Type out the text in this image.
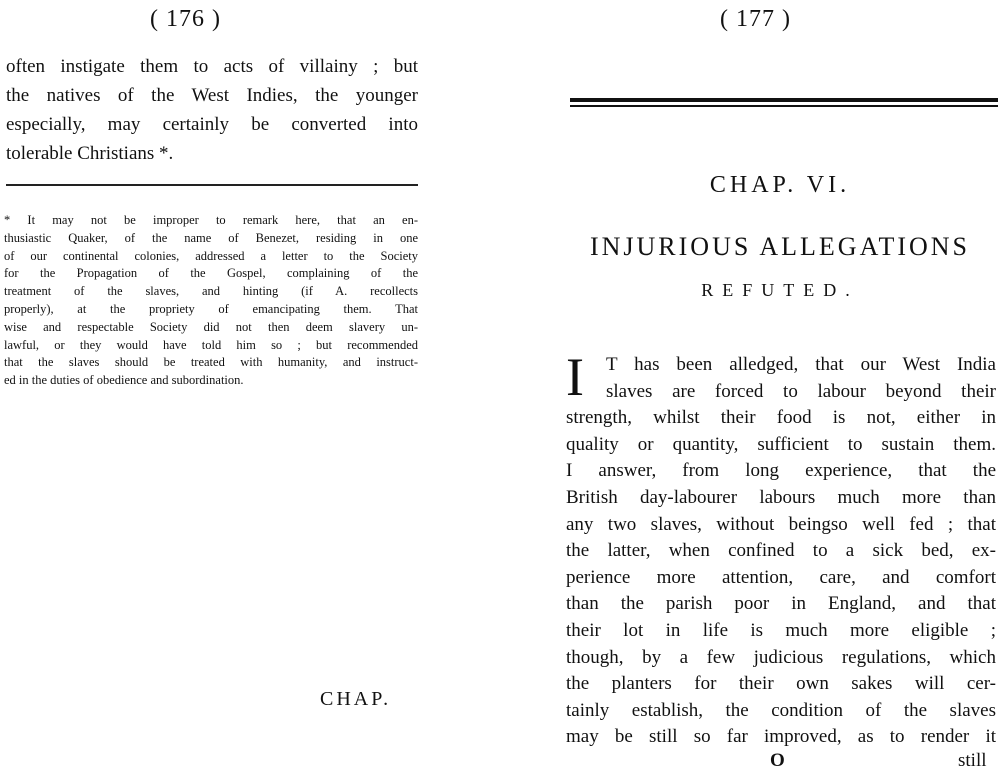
( 176 )
often instigate them to acts of villainy ; but
the natives of the West Indies, the younger
especially, may certainly be converted into
tolerable Christians *.
* It may not be improper to remark here, that an en-
thusiastic Quaker, of the name of Benezet, residing in one
of our continental colonies, addressed a letter to the Society
for the Propagation of the Gospel, complaining of the
treatment of the slaves, and hinting (if A. recollects
properly), at the propriety of emancipating them. That
wise and respectable Society did not then deem slavery un-
lawful, or they would have told him so ; but recommended
that the slaves should be treated with humanity, and instruct-
ed in the duties of obedience and subordination.
CHAP.
( 177 )
CHAP. VI.
INJURIOUS ALLEGATIONS
REFUTED.
I	T has been alledged, that our West India
slaves are forced to labour beyond their
strength, whilst their food is not, either in
quality or quantity, sufficient to sustain them.
I answer, from long experience, that the
British day-labourer labours much more than
any two slaves, without beingso well fed ; that
the latter, when confined to a sick bed, ex-
perience more attention, care, and comfort
than the parish poor in England, and that
their lot in life is much more eligible ;
though, by a few judicious regulations, which
the planters for their own sakes will cer-
tainly establish, the condition of the slaves
may be still so far improved, as to render it
O	still
